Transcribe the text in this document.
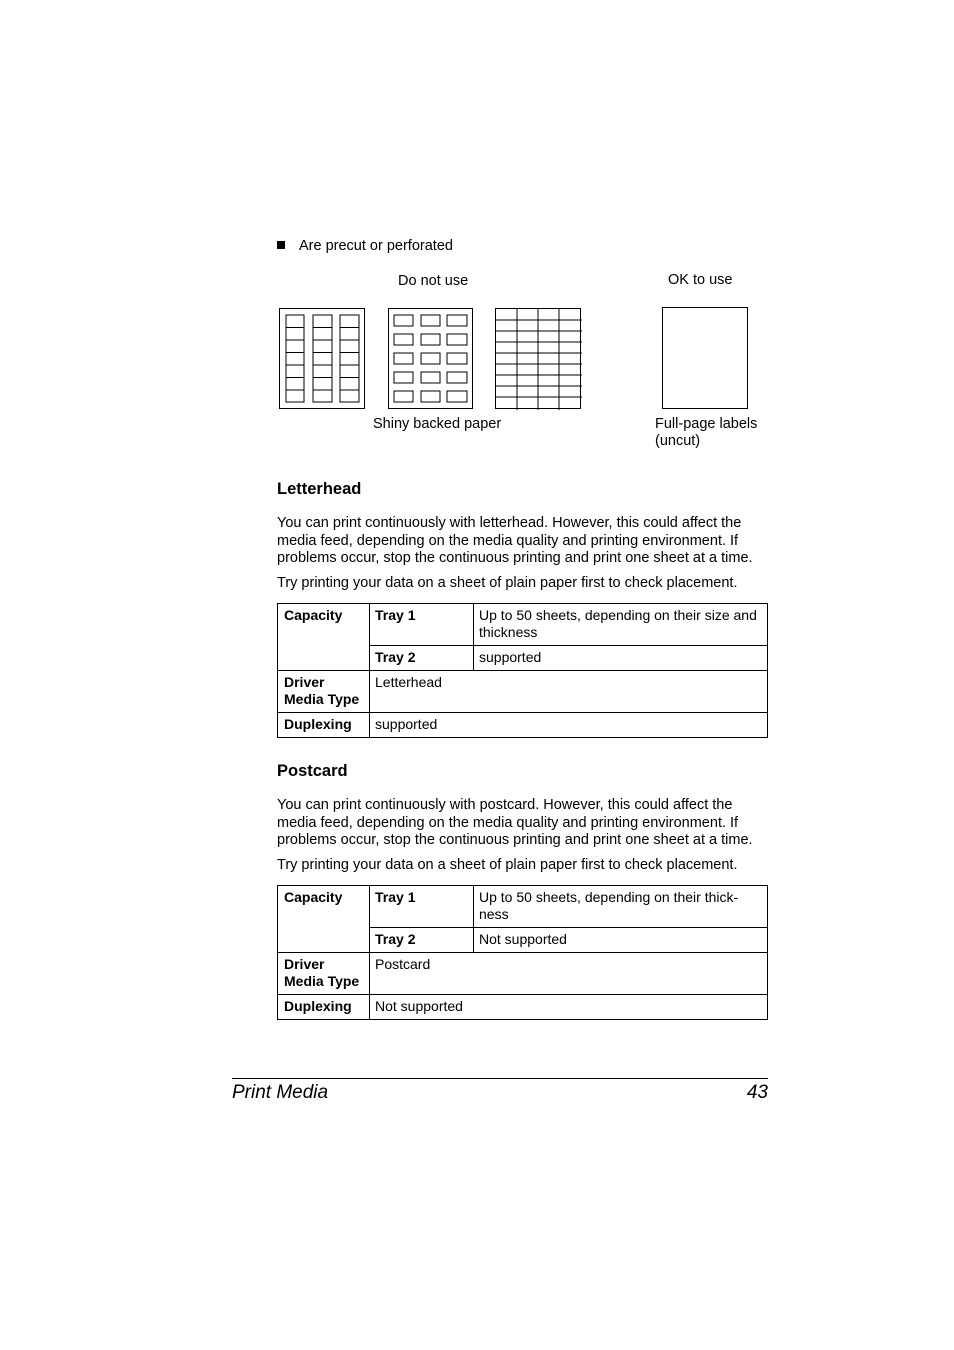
Are precut or perforated
Do not use	OK to use
Shiny backed paper	Full-page labels
(uncut)
Letterhead

You can print continuously with letterhead. However, this could affect the media feed, depending on the media quality and printing environment. If problems occur, stop the continuous printing and print one sheet at a time.

Try printing your data on a sheet of plain paper first to check placement.

Capacity	Tray 1	Up to 50 sheets, depending on their size and thickness
	Tray 2	supported

Driver
Media Type	Letterhead	
Duplexing	supported	
Postcard

You can print continuously with postcard. However, this could affect the media feed, depending on the media quality and printing environment. If problems occur, stop the continuous printing and print one sheet at a time.

Try printing your data on a sheet of plain paper first to check placement.

Capacity	Tray 1	Up to 50 sheets, depending on their thick-ness
	Tray 2	Not supported

Driver
Media Type	Postcard	
Duplexing	Not supported	
Print Media	43
